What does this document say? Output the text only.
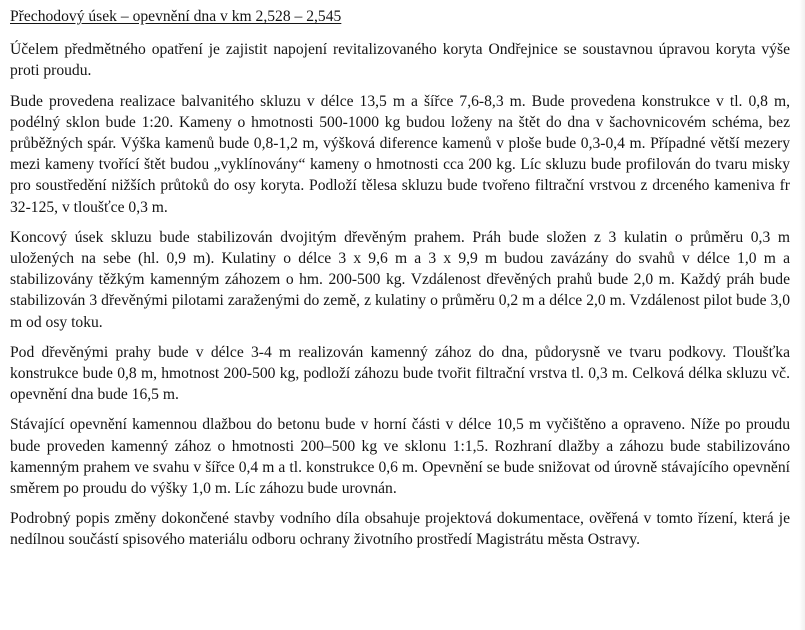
Přechodový úsek – opevnění dna v km 2,528 – 2,545

Účelem předmětného opatření je zajistit napojení revitalizovaného koryta Ondřejnice se soustavnou úpravou koryta výše proti proudu.

Bude provedena realizace balvanitého skluzu v délce 13,5 m a šířce 7,6-8,3 m. Bude provedena konstrukce v tl. 0,8 m, podélný sklon bude 1:20. Kameny o hmotnosti 500-1000 kg budou loženy na štět do dna v šachovnicovém schéma, bez průběžných spár. Výška kamenů bude 0,8-1,2 m, výšková diference kamenů v ploše bude 0,3-0,4 m. Případné větší mezery mezi kameny tvořící štět budou „vyklínovány“ kameny o hmotnosti cca 200 kg. Líc skluzu bude profilován do tvaru misky pro soustředění nižších průtoků do osy koryta. Podloží tělesa skluzu bude tvořeno filtrační vrstvou z drceného kameniva fr 32-125, v tloušťce 0,3 m.

Koncový úsek skluzu bude stabilizován dvojitým dřevěným prahem. Práh bude složen z 3 kulatin o průměru 0,3 m uložených na sebe (hl. 0,9 m). Kulatiny o délce 3 x 9,6 m a 3 x 9,9 m budou zavázány do svahů v délce 1,0 m a stabilizovány těžkým kamenným záhozem o hm. 200-500 kg. Vzdálenost dřevěných prahů bude 2,0 m. Každý práh bude stabilizován 3 dřevěnými pilotami zaraženými do země, z kulatiny o průměru 0,2 m a délce 2,0 m. Vzdálenost pilot bude 3,0 m od osy toku.

Pod dřevěnými prahy bude v délce 3-4 m realizován kamenný zához do dna, půdorysně ve tvaru podkovy. Tloušťka konstrukce bude 0,8 m, hmotnost 200-500 kg, podloží záhozu bude tvořit filtrační vrstva tl. 0,3 m. Celková délka skluzu vč. opevnění dna bude 16,5 m.

Stávající opevnění kamennou dlažbou do betonu bude v horní části v délce 10,5 m vyčištěno a opraveno. Níže po proudu bude proveden kamenný zához o hmotnosti 200–500 kg ve sklonu 1:1,5. Rozhraní dlažby a záhozu bude stabilizováno kamenným prahem ve svahu v šířce 0,4 m a tl. konstrukce 0,6 m. Opevnění se bude snižovat od úrovně stávajícího opevnění směrem po proudu do výšky 1,0 m. Líc záhozu bude urovnán.

Podrobný popis změny dokončené stavby vodního díla obsahuje projektová dokumentace, ověřená v tomto řízení, která je nedílnou součástí spisového materiálu odboru ochrany životního prostředí Magistrátu města Ostravy.
